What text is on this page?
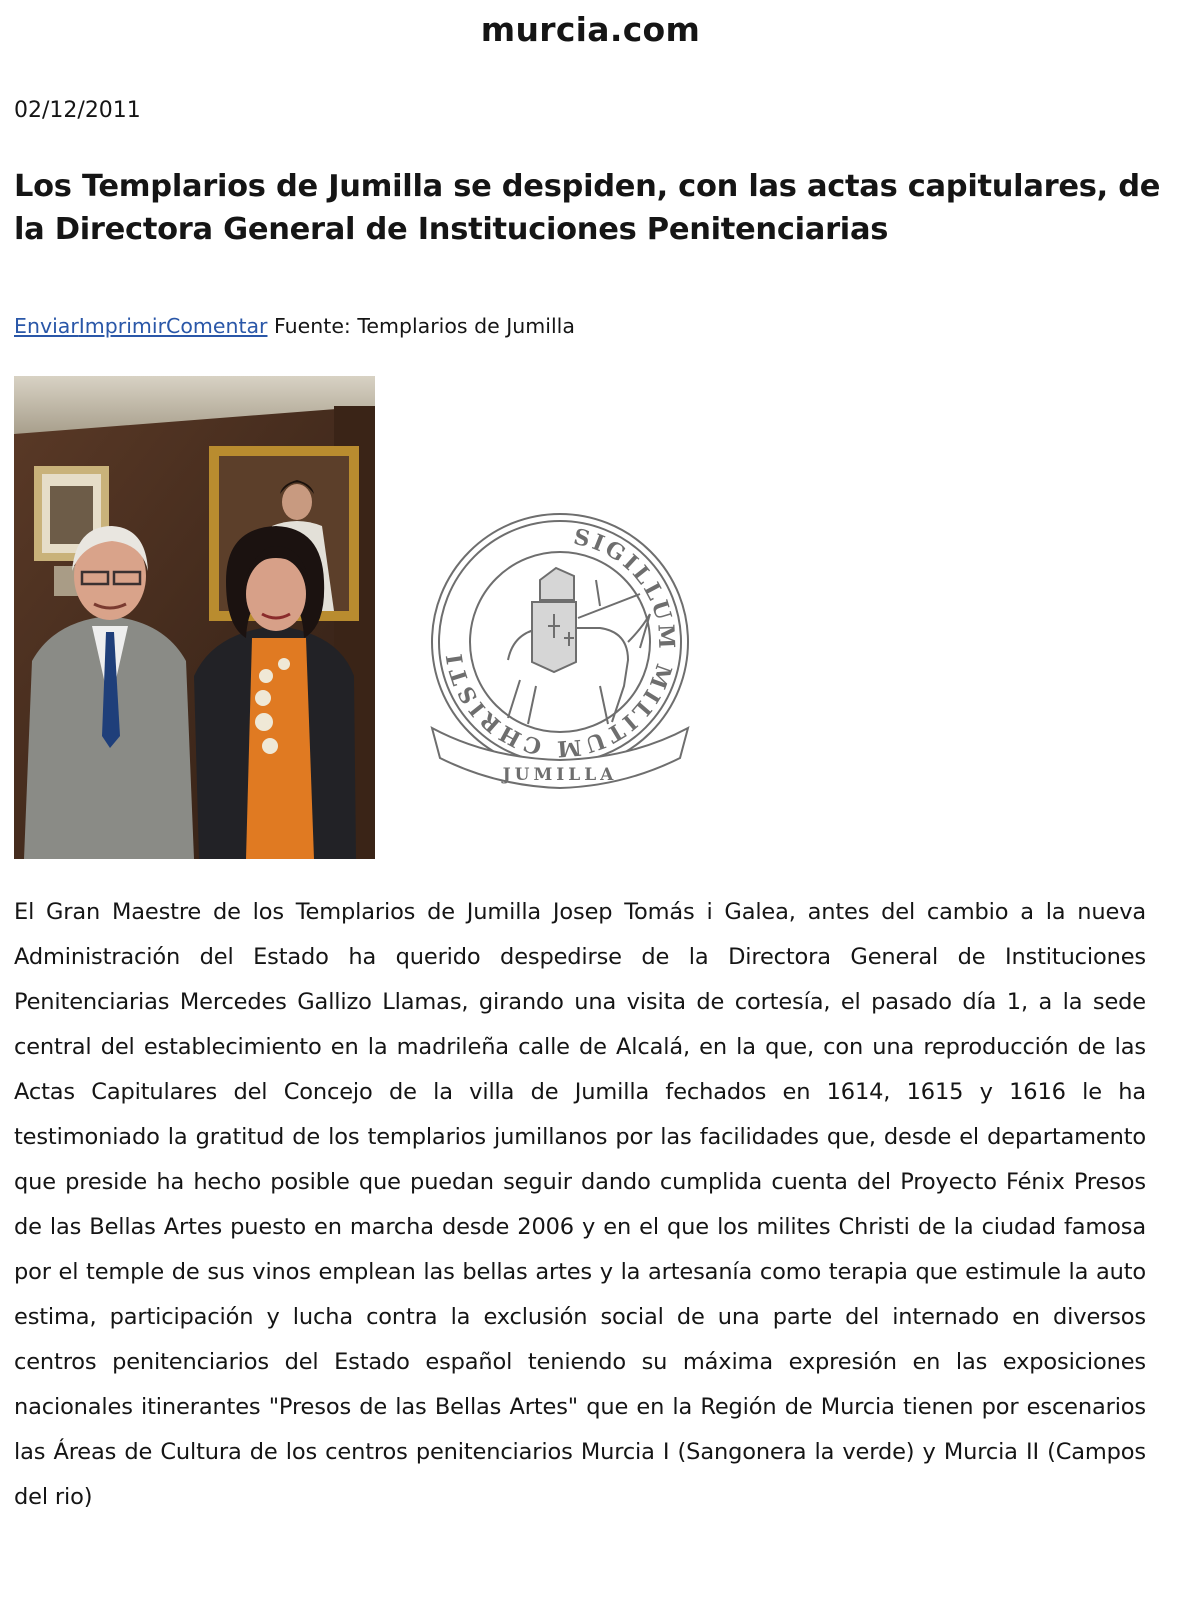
murcia.com
02/12/2011
Los Templarios de Jumilla se despiden, con las actas capitulares, de la Directora General de Instituciones Penitenciarias
EnviarImprimirComentar Fuente: Templarios de Jumilla
SIGILLUM MILITUM CHRISTI
JUMILLA

El Gran Maestre de los Templarios de Jumilla Josep Tomás i Galea, antes del cambio a la nueva Administración del Estado ha querido despedirse de la Directora General de Instituciones Penitenciarias Mercedes Gallizo Llamas, girando una visita de cortesía, el pasado día 1, a la sede central del establecimiento en la madrileña calle de Alcalá, en la que, con una reproducción de las Actas Capitulares del Concejo de la villa de Jumilla fechados en 1614, 1615 y 1616 le ha testimoniado la gratitud de los templarios jumillanos por las facilidades que, desde el departamento que preside ha hecho posible que puedan seguir dando cumplida cuenta del Proyecto Fénix Presos de las Bellas Artes puesto en marcha desde 2006 y en el que los milites Christi de la ciudad famosa por el temple de sus vinos emplean las bellas artes y la artesanía como terapia que estimule la auto estima, participación y lucha contra la exclusión social de una parte del internado en diversos centros penitenciarios del Estado español teniendo su máxima expresión en las exposiciones nacionales itinerantes "Presos de las Bellas Artes" que en la Región de Murcia tienen por escenarios las Áreas de Cultura de los centros penitenciarios Murcia I (Sangonera la verde) y Murcia II (Campos del rio)
